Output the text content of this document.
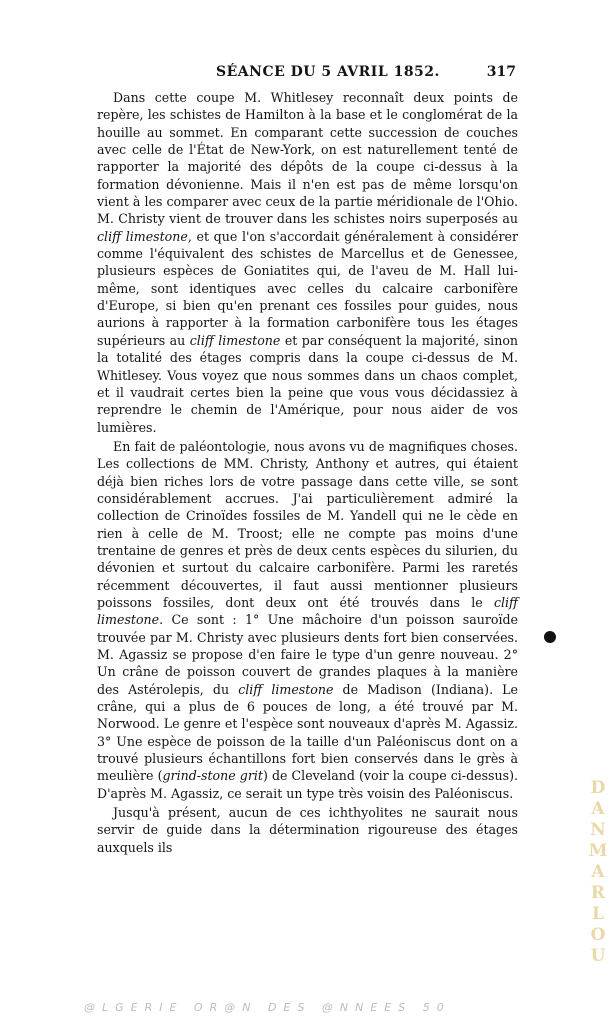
SÉANCE DU 5 AVRIL 1852.	317

Dans cette coupe M. Whitlesey reconnaît deux points de repère, les schistes de Hamilton à la base et le conglomérat de la houille au sommet. En comparant cette succession de couches avec celle de l'État de New-York, on est naturellement tenté de rapporter la majorité des dépôts de la coupe ci-dessus à la formation dévonienne. Mais il n'en est pas de même lorsqu'on vient à les comparer avec ceux de la partie méridionale de l'Ohio. M. Christy vient de trouver dans les schistes noirs superposés au cliff limestone, et que l'on s'accordait généralement à considérer comme l'équivalent des schistes de Marcellus et de Genessee, plusieurs espèces de Goniatites qui, de l'aveu de M. Hall lui-même, sont identiques avec celles du calcaire carbonifère d'Europe, si bien qu'en prenant ces fossiles pour guides, nous aurions à rapporter à la formation carbonifère tous les étages supérieurs au cliff limestone et par conséquent la majorité, sinon la totalité des étages compris dans la coupe ci-dessus de M. Whitlesey. Vous voyez que nous sommes dans un chaos complet, et il vaudrait certes bien la peine que vous vous décidassiez à reprendre le chemin de l'Amérique, pour nous aider de vos lumières.

En fait de paléontologie, nous avons vu de magnifiques choses. Les collections de MM. Christy, Anthony et autres, qui étaient déjà bien riches lors de votre passage dans cette ville, se sont considérablement accrues. J'ai particulièrement admiré la collection de Crinoïdes fossiles de M. Yandell qui ne le cède en rien à celle de M. Troost; elle ne compte pas moins d'une trentaine de genres et près de deux cents espèces du silurien, du dévonien et surtout du calcaire carbonifère. Parmi les raretés récemment découvertes, il faut aussi mentionner plusieurs poissons fossiles, dont deux ont été trouvés dans le cliff limestone. Ce sont : 1° Une mâchoire d'un poisson sauroïde trouvée par M. Christy avec plusieurs dents fort bien conservées. M. Agassiz se propose d'en faire le type d'un genre nouveau. 2° Un crâne de poisson couvert de grandes plaques à la manière des Astérolepis, du cliff limestone de Madison (Indiana). Le crâne, qui a plus de 6 pouces de long, a été trouvé par M. Norwood. Le genre et l'espèce sont nouveaux d'après M. Agassiz. 3° Une espèce de poisson de la taille d'un Paléoniscus dont on a trouvé plusieurs échantillons fort bien conservés dans le grès à meulière (grind-stone grit) de Cleveland (voir la coupe ci-dessus). D'après M. Agassiz, ce serait un type très voisin des Paléoniscus.

Jusqu'à présent, aucun de ces ichthyolites ne saurait nous servir de guide dans la détermination rigoureuse des étages auxquels ils

DANMARLOU
@LGERIE OR@N DES @NNEES 50
